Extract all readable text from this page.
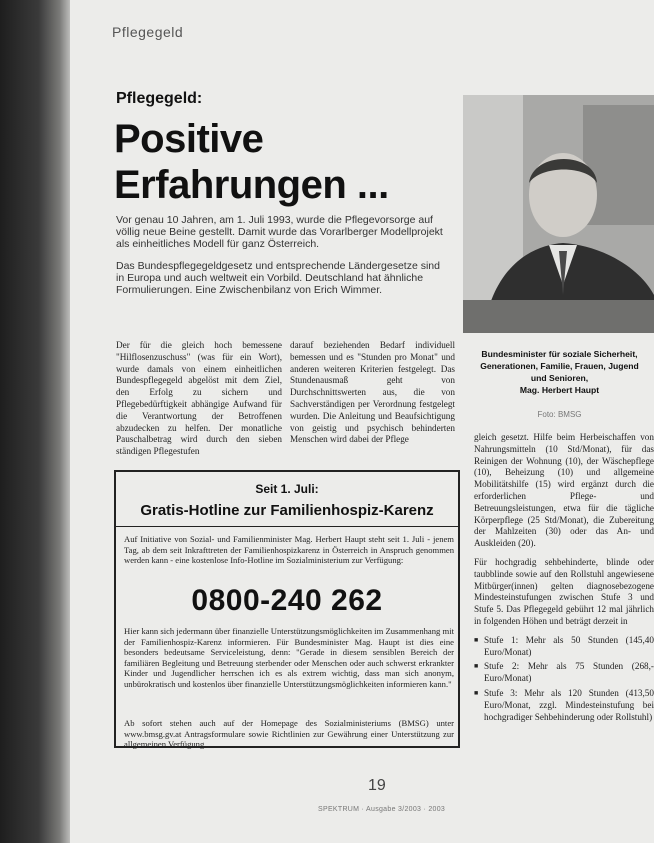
Pflegegeld
Pflegegeld:
Positive
Erfahrungen ...

Vor genau 10 Jahren, am 1. Juli 1993, wurde die Pflegevorsorge auf völlig neue Beine gestellt. Damit wurde das Vorarlberger Modellprojekt als einheitliches Modell für ganz Österreich.

Das Bundespflegegeldgesetz und entsprechende Ländergesetze sind in Europa und auch weltweit ein Vorbild. Deutschland hat ähnliche Formulierungen. Eine Zwischenbilanz von Erich Wimmer.

Bundesminister für soziale Sicherheit,
Generationen, Familie, Frauen, Jugend
und Senioren,
Mag. Herbert Haupt
Foto: BMSG
Der für die gleich hoch bemessene "Hilflosenzuschuss" (was für ein Wort), wurde damals von einem einheitlichen Bundespflegegeld abgelöst mit dem Ziel, den Erfolg zu sichern und Pflegebedürftigkeit abhängige Aufwand für die Verantwortung der Betroffenen abzudecken zu helfen. Der monatliche Pauschalbetrag wird durch den sieben ständigen Pflegestufen
darauf beziehenden Bedarf individuell bemessen und es "Stunden pro Monat" und anderen weiteren Kriterien festgelegt. Das Stundenausmaß geht von Durchschnittswerten aus, die von Sachverständigen per Verordnung festgelegt wurden. Die Anleitung und Beaufsichtigung von geistig und psychisch behinderten Menschen wird dabei der Pflege	gleich gesetzt. Hilfe beim Herbeischaffen von Nahrungsmitteln (10 Std/Monat), für das Reinigen der Wohnung (10), der Wäschepflege (10), Beheizung (10) und allgemeine Mobilitätshilfe (15) wird ergänzt durch die erforderlichen Pflege- und Betreuungsleistungen, etwa für die tägliche Körperpflege (25 Std/Monat), die Zubereitung der Mahlzeiten (30) oder das An- und Auskleiden (20).

Für hochgradig sehbehinderte, blinde oder taubblinde sowie auf den Rollstuhl angewiesene Mitbürger(innen) gelten diagnosebezogene Mindesteinstufungen zwischen Stufe 3 und Stufe 5. Das Pflegegeld gebührt 12 mal jährlich in folgenden Höhen und beträgt derzeit in

■ Stufe 1: Mehr als 50 Stunden (145,40 Euro/Monat)
■ Stufe 2: Mehr als 75 Stunden (268,- Euro/Monat)
■ Stufe 3: Mehr als 120 Stunden (413,50 Euro/Monat, zzgl. Mindesteinstufung bei hochgradiger Sehbehinderung oder Rollstuhl)
Seit 1. Juli:
Gratis-Hotline zur Familienhospiz-Karenz

Auf Initiative von Sozial- und Familienminister Mag. Herbert Haupt steht seit 1. Juli - jenem Tag, ab dem seit Inkrafttreten der Familienhospizkarenz in Österreich in Anspruch genommen werden kann - eine kostenlose Info-Hotline im Sozialministerium zur Verfügung:

0800-240 262

Hier kann sich jedermann über finanzielle Unterstützungsmöglichkeiten im Zusammenhang mit der Familienhospiz-Karenz informieren. Für Bundesminister Mag. Haupt ist dies eine besonders bedeutsame Serviceleistung, denn: "Gerade in diesem sensiblen Bereich der familiären Begleitung und Betreuung sterbender oder Menschen oder auch schwerst erkrankter Kinder und Jugendlicher herrschen ich es als extrem wichtig, dass man sich anonym, unbürokratisch und kostenlos über finanzielle Unterstützungsmöglichkeiten informieren kann."

Ab sofort stehen auch auf der Homepage des Sozialministeriums (BMSG) unter www.bmsg.gv.at Antragsformulare sowie Richtlinien zur Gewährung einer Unterstützung zur allgemeinen Verfügung.

19
SPEKTRUM · Ausgabe 3/2003 · 2003
